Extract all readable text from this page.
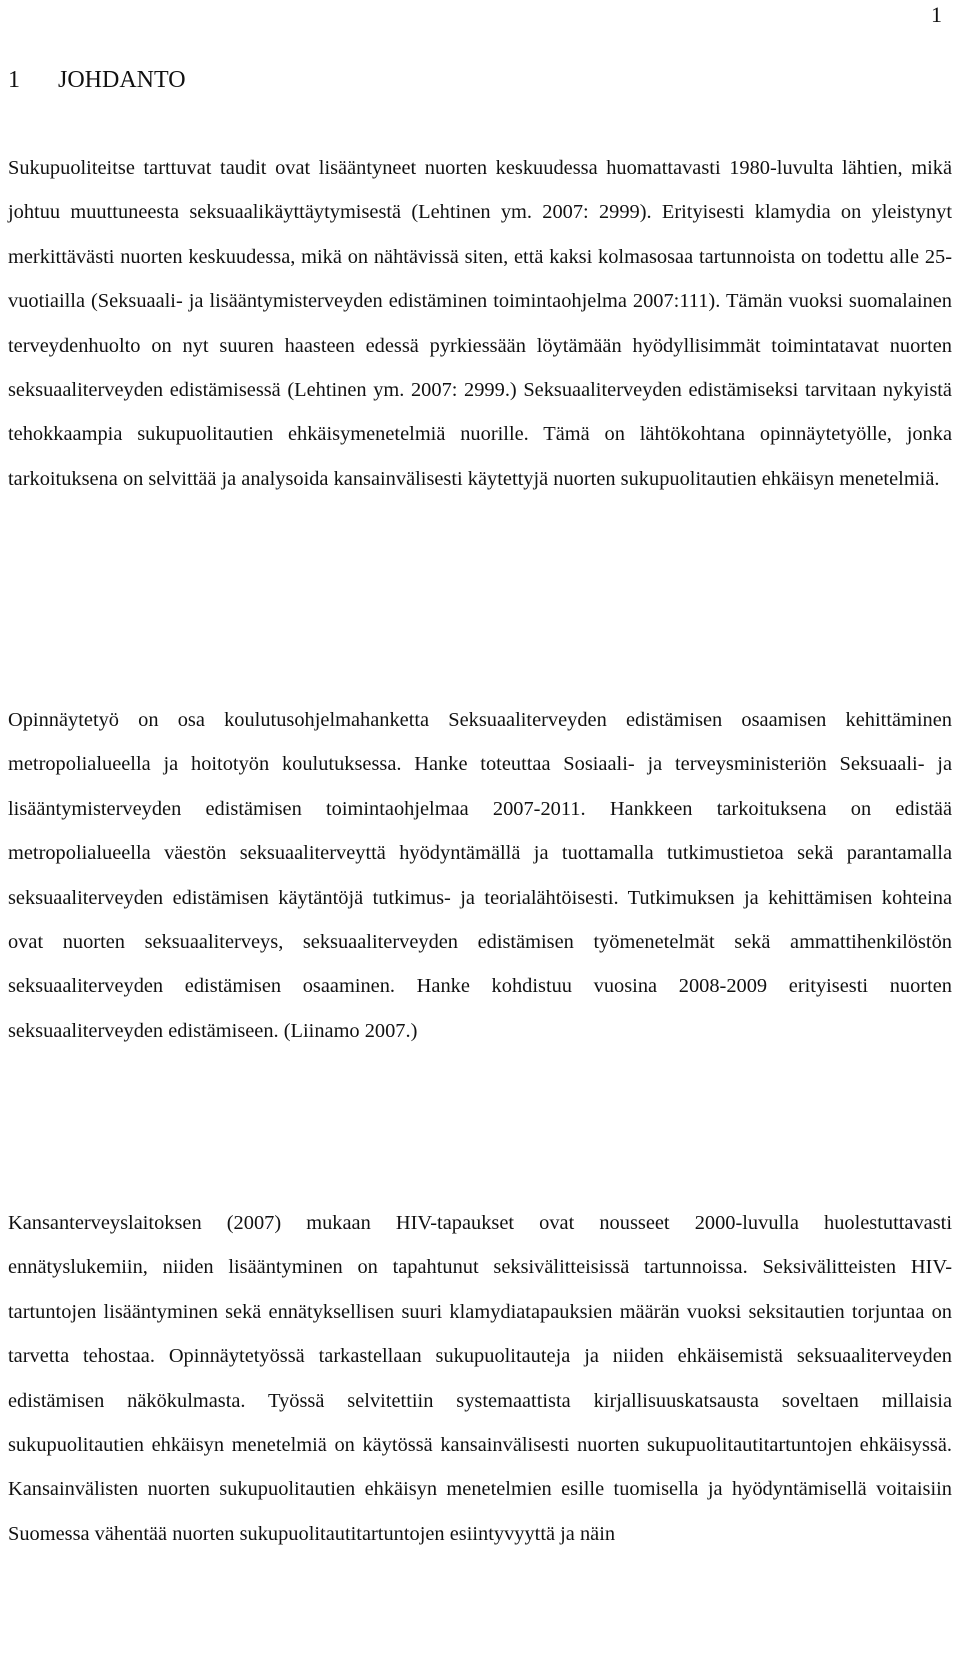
1
1 JOHDANTO

Sukupuoliteitse tarttuvat taudit ovat lisääntyneet nuorten keskuudessa huomattavasti 1980-luvulta lähtien, mikä johtuu muuttuneesta seksuaalikäyttäytymisestä (Lehtinen ym. 2007: 2999). Erityisesti klamydia on yleistynyt merkittävästi nuorten keskuudessa, mikä on nähtävissä siten, että kaksi kolmasosaa tartunnoista on todettu alle 25-vuotiailla (Seksuaali- ja lisääntymisterveyden edistäminen toimintaohjelma 2007:111). Tämän vuoksi suomalainen terveydenhuolto on nyt suuren haasteen edessä pyrkiessään löytämään hyödyllisimmät toimintatavat nuorten seksuaaliterveyden edistämisessä (Lehtinen ym. 2007: 2999.) Seksuaaliterveyden edistämiseksi tarvitaan nykyistä tehokkaampia sukupuolitautien ehkäisymenetelmiä nuorille. Tämä on lähtökohtana opinnäytetyölle, jonka tarkoituksena on selvittää ja analysoida kansainvälisesti käytettyjä nuorten sukupuolitautien ehkäisyn menetelmiä.

Opinnäytetyö on osa koulutusohjelmahanketta Seksuaaliterveyden edistämisen osaamisen kehittäminen metropolialueella ja hoitotyön koulutuksessa. Hanke toteuttaa Sosiaali- ja terveysministeriön Seksuaali- ja lisääntymisterveyden edistämisen toimintaohjelmaa 2007-2011. Hankkeen tarkoituksena on edistää metropolialueella väestön seksuaaliterveyttä hyödyntämällä ja tuottamalla tutkimustietoa sekä parantamalla seksuaaliterveyden edistämisen käytäntöjä tutkimus- ja teorialähtöisesti. Tutkimuksen ja kehittämisen kohteina ovat nuorten seksuaaliterveys, seksuaaliterveyden edistämisen työmenetelmät sekä ammattihenkilöstön seksuaaliterveyden edistämisen osaaminen. Hanke kohdistuu vuosina 2008-2009 erityisesti nuorten seksuaaliterveyden edistämiseen. (Liinamo 2007.)

Kansanterveyslaitoksen (2007) mukaan HIV-tapaukset ovat nousseet 2000-luvulla huolestuttavasti ennätyslukemiin, niiden lisääntyminen on tapahtunut seksivälitteisissä tartunnoissa. Seksivälitteisten HIV-tartuntojen lisääntyminen sekä ennätyksellisen suuri klamydiatapauksien määrän vuoksi seksitautien torjuntaa on tarvetta tehostaa. Opinnäytetyössä tarkastellaan sukupuolitauteja ja niiden ehkäisemistä seksuaaliterveyden edistämisen näkökulmasta. Työssä selvitettiin systemaattista kirjallisuuskatsausta soveltaen millaisia sukupuolitautien ehkäisyn menetelmiä on käytössä kansainvälisesti nuorten sukupuolitautitartuntojen ehkäisyssä. Kansainvälisten nuorten sukupuolitautien ehkäisyn menetelmien esille tuomisella ja hyödyntämisellä voitaisiin Suomessa vähentää nuorten sukupuolitautitartuntojen esiintyvyyttä ja näin
